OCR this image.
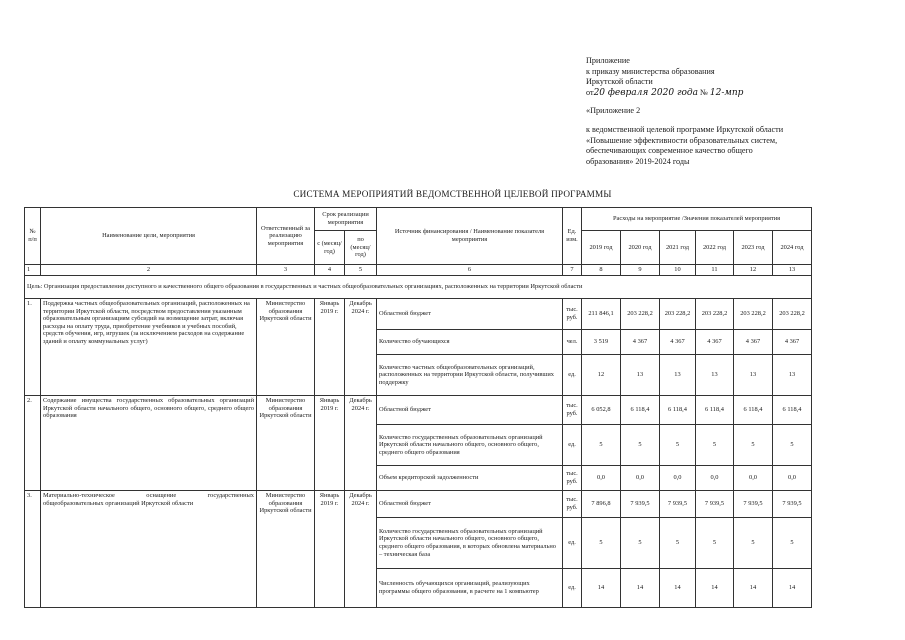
Приложение
к приказу министерства образования
Иркутской области
от20 февраля 2020 года № 12-мпр
«Приложение 2
к ведомственной целевой программе Иркутской области
«Повышение эффективности образовательных систем,
обеспечивающих современное качество общего
образования» 2019-2024 годы
СИСТЕМА МЕРОПРИЯТИЙ ВЕДОМСТВЕННОЙ ЦЕЛЕВОЙ ПРОГРАММЫ
№ п/п	Наименование цели, мероприятия	Ответственный за реализацию мероприятия	Срок реализации мероприятия		Источник финансирования / Наименование показателя мероприятия	Ед. изм.	Расходы на мероприятие /Значения показателей мероприятия					
			с (месяц/ год)	по (месяц/ год)			2019 год	2020 год	2021 год	2022 год	2023 год	2024 год
1	2	3	4	5	6	7	8	9	10	11	12	13
Цель: Организация предоставления доступного и качественного общего образования в государственных и частных общеобразовательных организациях, расположенных на территории Иркутской области												
1.	Поддержка частных общеобразовательных организаций, расположенных на территории Иркутской области, посредством предоставления указанным образовательным организациям субсидий на возмещение затрат, включая расходы на оплату труда, приобретение учебников и учебных пособий, средств обучения, игр, игрушек (за исключением расходов на содержание зданий и оплату коммунальных услуг)	Министерство образования Иркутской области	Январь 2019 г.	Декабрь 2024 г.	Областной бюджет	тыс. руб.	211 846,1	203 228,2	203 228,2	203 228,2	203 228,2	203 228,2
					Количество обучающихся	чел.	3 519	4 367	4 367	4 367	4 367	4 367
					Количество частных общеобразовательных организаций, расположенных на территории Иркутской области, получивших поддержку	ед.	12	13	13	13	13	13
2.	Содержание имущества государственных образовательных организаций Иркутской области начального общего, основного общего, среднего общего образования	Министерство образования Иркутской области	Январь 2019 г.	Декабрь 2024 г.	Областной бюджет	тыс. руб.	6 052,8	6 118,4	6 118,4	6 118,4	6 118,4	6 118,4
					Количество государственных образовательных организаций Иркутской области начального общего, основного общего, среднего общего образования	ед.	5	5	5	5	5	5
					Объем кредиторской задолженности	тыс. руб.	0,0	0,0	0,0	0,0	0,0	0,0
3.	Материально-техническое оснащение государственных общеобразовательных организаций Иркутской области	Министерство образования Иркутской области	Январь 2019 г.	Декабрь 2024 г.	Областной бюджет	тыс. руб.	7 896,8	7 939,5	7 939,5	7 939,5	7 939,5	7 939,5
					Количество государственных образовательных организаций Иркутской области начального общего, основного общего, среднего общего образования, в которых обновлена материально – техническая база	ед.	5	5	5	5	5	5
					Численность обучающихся организаций, реализующих программы общего образования, в расчете на 1 компьютер	ед.	14	14	14	14	14	14
